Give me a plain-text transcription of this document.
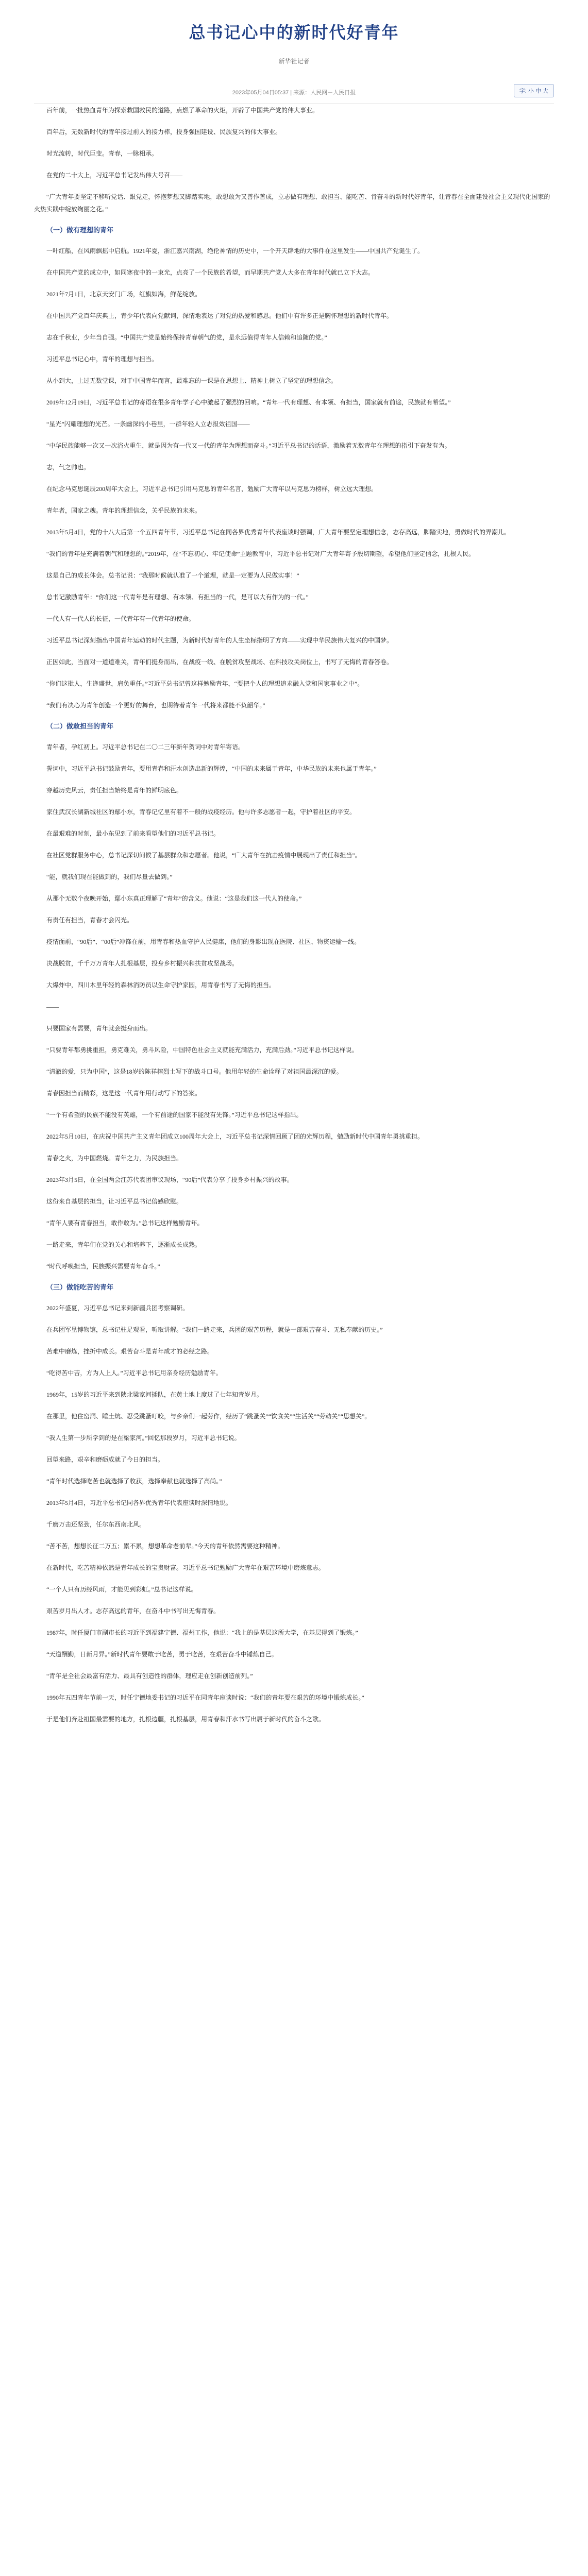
总书记心中的新时代好青年
新华社记者
2023年05月04日05:37 | 来源：人民网－人民日报	字: 小 中 大

百年前，一批热血青年为探索救国救民的道路，点燃了革命的火炬，开辟了中国共产党的伟大事业。

百年后，无数新时代的青年接过前人的接力棒，投身强国建设、民族复兴的伟大事业。

时光流转，时代巨变。青春，一脉相承。

在党的二十大上，习近平总书记发出伟大号召——

“广大青年要坚定不移听党话、跟党走，怀抱梦想又脚踏实地，敢想敢为又善作善成，立志做有理想、敢担当、能吃苦、肯奋斗的新时代好青年，让青春在全面建设社会主义现代化国家的火热实践中绽放绚丽之花。”

（一）做有理想的青年

一叶红船，在风雨飘摇中启航。1921年夏，浙江嘉兴南湖，绝伦神情的历史中，一个开天辟地的大事件在这里发生——中国共产党诞生了。

在中国共产党的成立中，如同寒夜中的一束光，点亮了一个民族的希望，而早期共产党人大多在青年时代就已立下大志。

2021年7月1日，北京天安门广场，红旗如海，鲜花绽放。

在中国共产党百年庆典上，青少年代表向党献词，深情地表达了对党的热爱和感恩。他们中有许多正是胸怀理想的新时代青年。

志在千秋业，少年当自强。“中国共产党是始终保持青春朝气的党，是永远值得青年人信赖和追随的党。”

习近平总书记心中，青年的理想与担当。

从小到大，上过无数堂课，对于中国青年而言，最难忘的一课是在思想上、精神上树立了坚定的理想信念。

2019年12月19日，习近平总书记的寄语在很多青年学子心中激起了强烈的回响。“青年一代有理想、有本领、有担当，国家就有前途，民族就有希望。”

“星光”闪耀理想的光芒。一条幽深的小巷里，一群年轻人立志报效祖国——

“中华民族能够一次又一次浴火重生，就是因为有一代又一代的青年为理想而奋斗。”习近平总书记的话语，激励着无数青年在理想的指引下奋发有为。

志，气之帅也。

在纪念马克思诞辰200周年大会上，习近平总书记引用马克思的青年名言，勉励广大青年以马克思为榜样，树立远大理想。

青年者，国家之魂。青年的理想信念，关乎民族的未来。

2013年5月4日，党的十八大后第一个五四青年节，习近平总书记在同各界优秀青年代表座谈时强调，广大青年要坚定理想信念，志存高远，脚踏实地，勇做时代的弄潮儿。

“我们的青年是充满着朝气和理想的。”2019年，在“不忘初心、牢记使命”主题教育中，习近平总书记对广大青年寄予殷切期望，希望他们坚定信念，扎根人民。

这是自己的成长体会。总书记说：“我那时候就认准了一个道理，就是一定要为人民做实事！”

总书记激励青年：“你们这一代青年是有理想、有本领、有担当的一代，是可以大有作为的一代。”

一代人有一代人的长征，一代青年有一代青年的使命。

习近平总书记深刻指出中国青年运动的时代主题，为新时代好青年的人生坐标指明了方向——实现中华民族伟大复兴的中国梦。

正因如此，当面对一道道难关，青年们挺身而出，在战疫一线、在脱贫攻坚战场、在科技攻关岗位上，书写了无悔的青春答卷。

“你们这批人，生逢盛世，肩负重任。”习近平总书记曾这样勉励青年，“要把个人的理想追求融入党和国家事业之中”。

“我们有决心为青年创造一个更好的舞台，也期待着青年一代将来都能不负韶华。”

（二）做敢担当的青年

青年者，孕红初上。习近平总书记在二〇二三年新年贺词中对青年寄语。

誓词中，习近平总书记鼓励青年，要用青春和汗水创造出新的辉煌，“中国的未来属于青年，中华民族的未来也属于青年。”

穿越历史风云，责任担当始终是青年的鲜明底色。

家住武汉长湖新城社区的鄢小东，青春记忆里有着不一般的战疫经历。他与许多志愿者一起，守护着社区的平安。

在最艰难的时刻，最小东见到了前来看望他们的习近平总书记。

在社区党群服务中心，总书记深切问候了基层群众和志愿者。他说，“广大青年在抗击疫情中展现出了责任和担当”。

“能，就我们现在能做到的，我们尽量去做到。”

从那个无数个夜晚开始，鄢小东真正理解了“青年”的含义。他说：“这是我们这一代人的使命。”

有责任有担当，青春才会闪光。

疫情面前，“90后”、“00后”冲锋在前，用青春和热血守护人民健康，他们的身影出现在医院、社区、物资运输一线。

决战脱贫，千千万万青年人扎根基层，投身乡村振兴和扶贫攻坚战场。

大爆炸中，四川木里年轻的森林消防员以生命守护家园，用青春书写了无悔的担当。

——

只要国家有需要，青年就会挺身而出。

“只要青年都勇挑重担，勇克难关，勇斗风险，中国特色社会主义就能充满活力，充满后劲。”习近平总书记这样说。

“清澈的爱，只为中国”，这是18岁的陈祥榕烈士写下的战斗口号。他用年轻的生命诠释了对祖国最深沉的爱。

青春因担当而精彩，这是这一代青年用行动写下的答案。

“一个有希望的民族不能没有英雄，一个有前途的国家不能没有先锋。”习近平总书记这样指出。

2022年5月10日，在庆祝中国共产主义青年团成立100周年大会上，习近平总书记深情回顾了团的光辉历程，勉励新时代中国青年勇挑重担。

青春之火，为中国燃烧。青年之力，为民族担当。

2023年3月5日，在全国两会江苏代表团审议现场，“90后”代表分享了投身乡村振兴的故事。

这份来自基层的担当，让习近平总书记倍感欣慰。

“青年人要有青春担当，敢作敢为。”总书记这样勉励青年。

一路走来，青年们在党的关心和培养下，逐渐成长成熟。

“时代呼唤担当，民族振兴需要青年奋斗。”

（三）做能吃苦的青年

2022年盛夏，习近平总书记来到新疆兵团考察调研。

在兵团军垦博物馆，总书记驻足观看，听取讲解。“我们一路走来，兵团的艰苦历程，就是一部艰苦奋斗、无私奉献的历史。”

苦难中磨炼，挫折中成长。艰苦奋斗是青年成才的必经之路。

“吃得苦中苦，方为人上人。”习近平总书记用亲身经历勉励青年。

1969年，15岁的习近平来到陕北梁家河插队，在黄土地上度过了七年知青岁月。

在那里，他住窑洞、睡土炕、忍受跳蚤叮咬，与乡亲们一起劳作，经历了“跳蚤关”“饮食关”“生活关”“劳动关”“思想关”。

“我人生第一步所学到的是在梁家河。”回忆那段岁月，习近平总书记说。

回望来路，艰辛和磨砺成就了今日的担当。

“青年时代选择吃苦也就选择了收获，选择奉献也就选择了高尚。”

2013年5月4日，习近平总书记同各界优秀青年代表座谈时深情地说。

千磨万击还坚劲，任尔东西南北风。

“苦不苦，想想长征二万五；累不累，想想革命老前辈。”今天的青年依然需要这种精神。

在新时代，吃苦精神依然是青年成长的宝贵财富。习近平总书记勉励广大青年在艰苦环境中磨炼意志。

“一个人只有历经风雨，才能见到彩虹。”总书记这样说。

艰苦岁月出人才。志存高远的青年，在奋斗中书写出无悔青春。

1987年，时任厦门市副市长的习近平到福建宁德、福州工作，他说：“我上的是基层这所大学，在基层得到了锻炼。”

“天道酬勤，日新月异。”新时代青年要敢于吃苦，勇于吃苦，在艰苦奋斗中锤炼自己。

“青年是全社会最富有活力、最具有创造性的群体，理应走在创新创造前列。”

1990年五四青年节前一天，时任宁德地委书记的习近平在同青年座谈时说：“我们的青年要在艰苦的环境中锻炼成长。”

于是他们奔赴祖国最需要的地方，扎根边疆，扎根基层，用青春和汗水书写出属于新时代的奋斗之歌。
